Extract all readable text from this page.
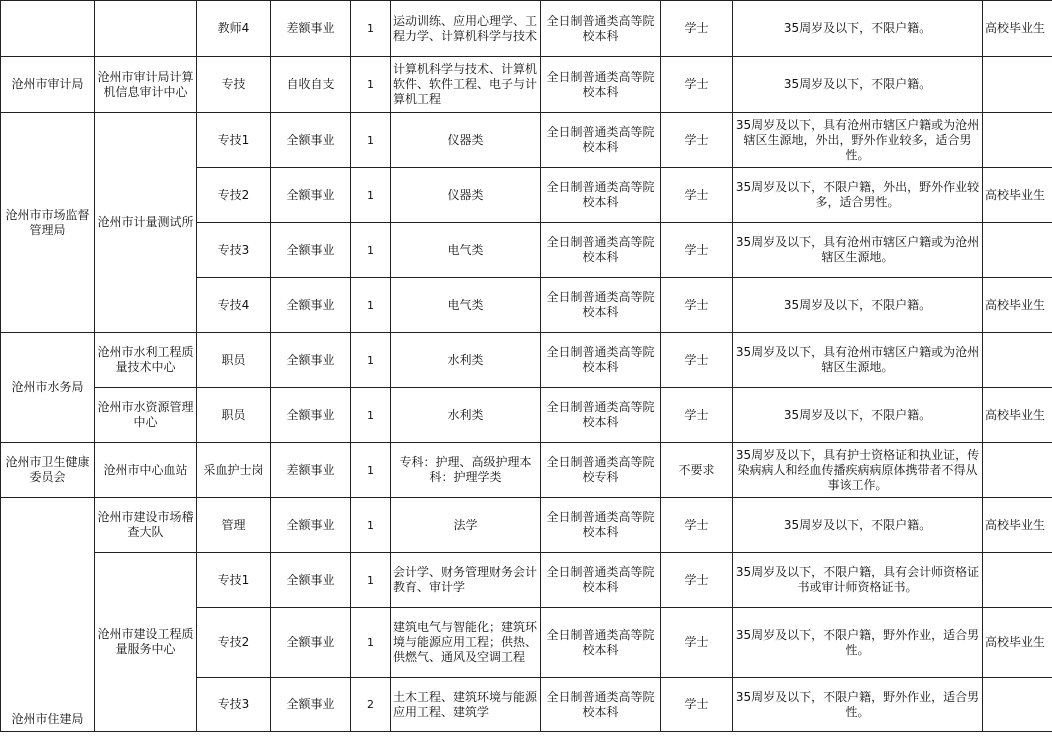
		教师4	差额事业	1	运动训练、应用心理学、工程力学、计算机科学与技术	全日制普通类高等院校本科	学士	35周岁及以下，不限户籍。	高校毕业生
沧州市审计局	沧州市审计局计算机信息审计中心	专技	自收自支	1	计算机科学与技术、计算机软件、软件工程、电子与计算机工程	全日制普通类高等院校本科	学士	35周岁及以下，不限户籍。	
沧州市市场监督管理局	沧州市计量测试所	专技1	全额事业	1	仪器类	全日制普通类高等院校本科	学士	35周岁及以下，具有沧州市辖区户籍或为沧州辖区生源地，外出，野外作业较多，适合男性。	
		专技2	全额事业	1	仪器类	全日制普通类高等院校本科	学士	35周岁及以下，不限户籍，外出，野外作业较多，适合男性。	高校毕业生
		专技3	全额事业	1	电气类	全日制普通类高等院校本科	学士	35周岁及以下，具有沧州市辖区户籍或为沧州辖区生源地。	
		专技4	全额事业	1	电气类	全日制普通类高等院校本科	学士	35周岁及以下，不限户籍。	高校毕业生
沧州市水务局	沧州市水利工程质量技术中心	职员	全额事业	1	水利类	全日制普通类高等院校本科	学士	35周岁及以下，具有沧州市辖区户籍或为沧州辖区生源地。	
	沧州市水资源管理中心	职员	全额事业	1	水利类	全日制普通类高等院校本科	学士	35周岁及以下，不限户籍。	高校毕业生
沧州市卫生健康委员会	沧州市中心血站	采血护士岗	差额事业	1	专科：护理、高级护理本科：护理学类	全日制普通类高等院校专科	不要求	35周岁及以下，具有护士资格证和执业证，传染病病人和经血传播疾病病原体携带者不得从事该工作。	
沧州市住建局	沧州市建设市场稽查大队	管理	全额事业	1	法学	全日制普通类高等院校本科	学士	35周岁及以下，不限户籍。	高校毕业生
	沧州市建设工程质量服务中心	专技1	全额事业	1	会计学、财务管理财务会计教育、审计学	全日制普通类高等院校本科	学士	35周岁及以下，不限户籍，具有会计师资格证书或审计师资格证书。	
		专技2	全额事业	1	建筑电气与智能化；建筑环境与能源应用工程；供热、供燃气、通风及空调工程	全日制普通类高等院校本科	学士	35周岁及以下，不限户籍，野外作业，适合男性。	高校毕业生
		专技3	全额事业	2	土木工程、建筑环境与能源应用工程、建筑学	全日制普通类高等院校本科	学士	35周岁及以下，不限户籍，野外作业，适合男性。	
